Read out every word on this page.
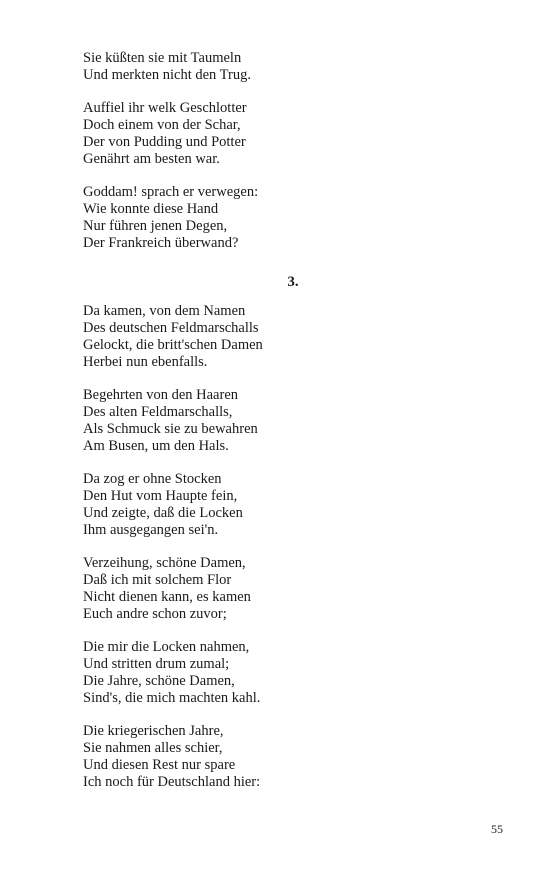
Sie küßten sie mit Taumeln
Und merkten nicht den Trug.
Auffiel ihr welk Geschlotter
Doch einem von der Schar,
Der von Pudding und Potter
Genährt am besten war.
Goddam! sprach er verwegen:
Wie konnte diese Hand
Nur führen jenen Degen,
Der Frankreich überwand?
3.
Da kamen, von dem Namen
Des deutschen Feldmarschalls
Gelockt, die britt'schen Damen
Herbei nun ebenfalls.
Begehrten von den Haaren
Des alten Feldmarschalls,
Als Schmuck sie zu bewahren
Am Busen, um den Hals.
Da zog er ohne Stocken
Den Hut vom Haupte fein,
Und zeigte, daß die Locken
Ihm ausgegangen sei'n.
Verzeihung, schöne Damen,
Daß ich mit solchem Flor
Nicht dienen kann, es kamen
Euch andre schon zuvor;
Die mir die Locken nahmen,
Und stritten drum zumal;
Die Jahre, schöne Damen,
Sind's, die mich machten kahl.
Die kriegerischen Jahre,
Sie nahmen alles schier,
Und diesen Rest nur spare
Ich noch für Deutschland hier:
55
